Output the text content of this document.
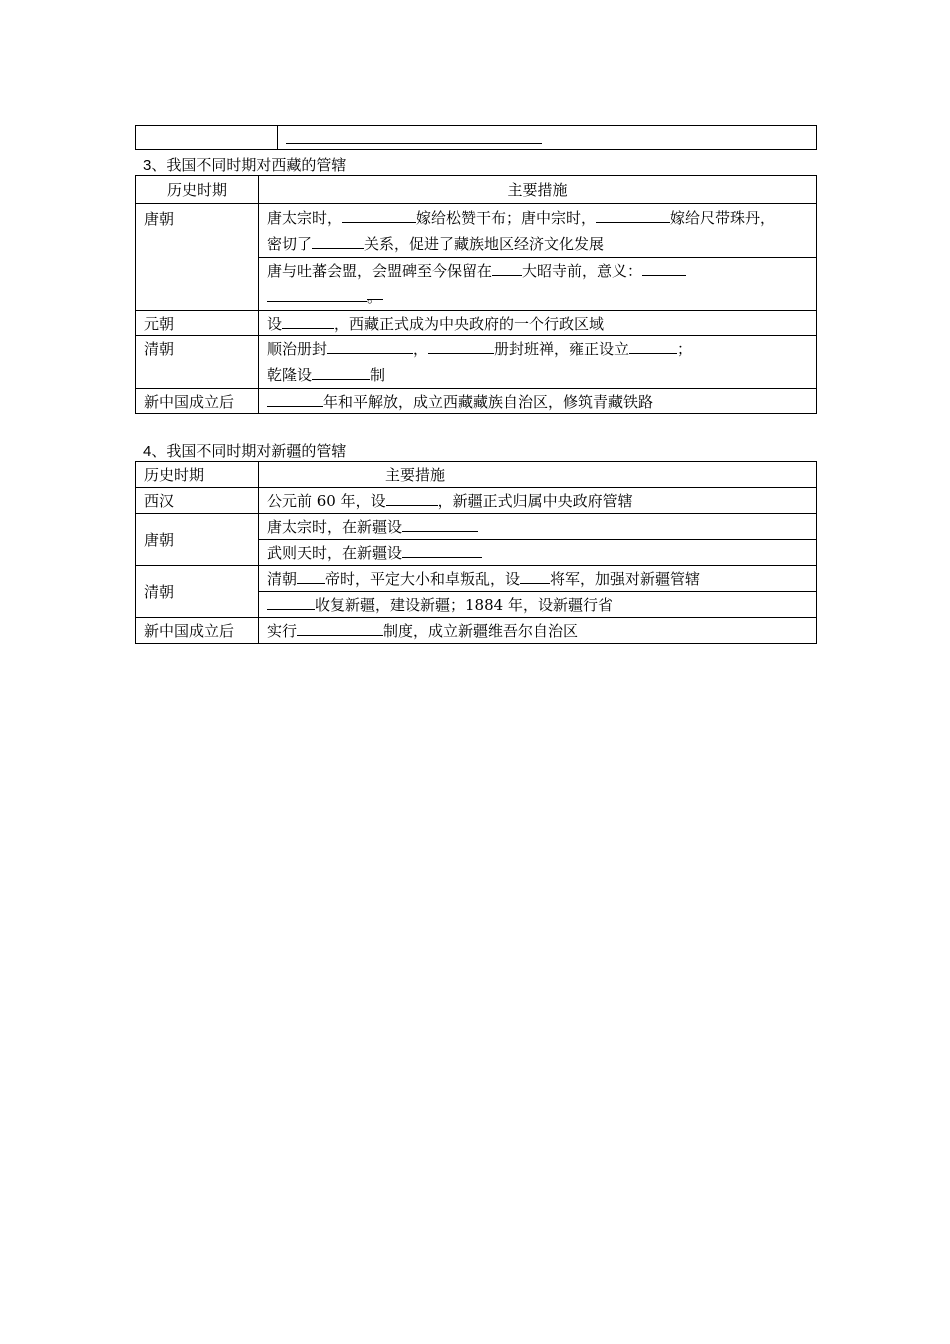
3、我国不同时期对西藏的管辖
历史时期	主要措施
唐朝	唐太宗时， 嫁给松赞干布；唐中宗时， 嫁给尺带珠丹，
密切了 关系，促进了藏族地区经济文化发展

	唐与吐蕃会盟，会盟碑至今保留在 大昭寺前，意义：
。

元朝	设 ，西藏正式成为中央政府的一个行政区域
清朝	顺治册封 ， 册封班禅，雍正设立 ；
乾隆设 制

新中国成立后	年和平解放，成立西藏藏族自治区，修筑青藏铁路
4、我国不同时期对新疆的管辖
历史时期	主要措施
西汉	公元前 60 年，设 ，新疆正式归属中央政府管辖
唐朝	唐太宗时，在新疆设
	武则天时，在新疆设
清朝	清朝 帝时，平定大小和卓叛乱，设 将军，加强对新疆管辖
	收复新疆，建设新疆；1884 年，设新疆行省
新中国成立后	实行 制度，成立新疆维吾尔自治区
